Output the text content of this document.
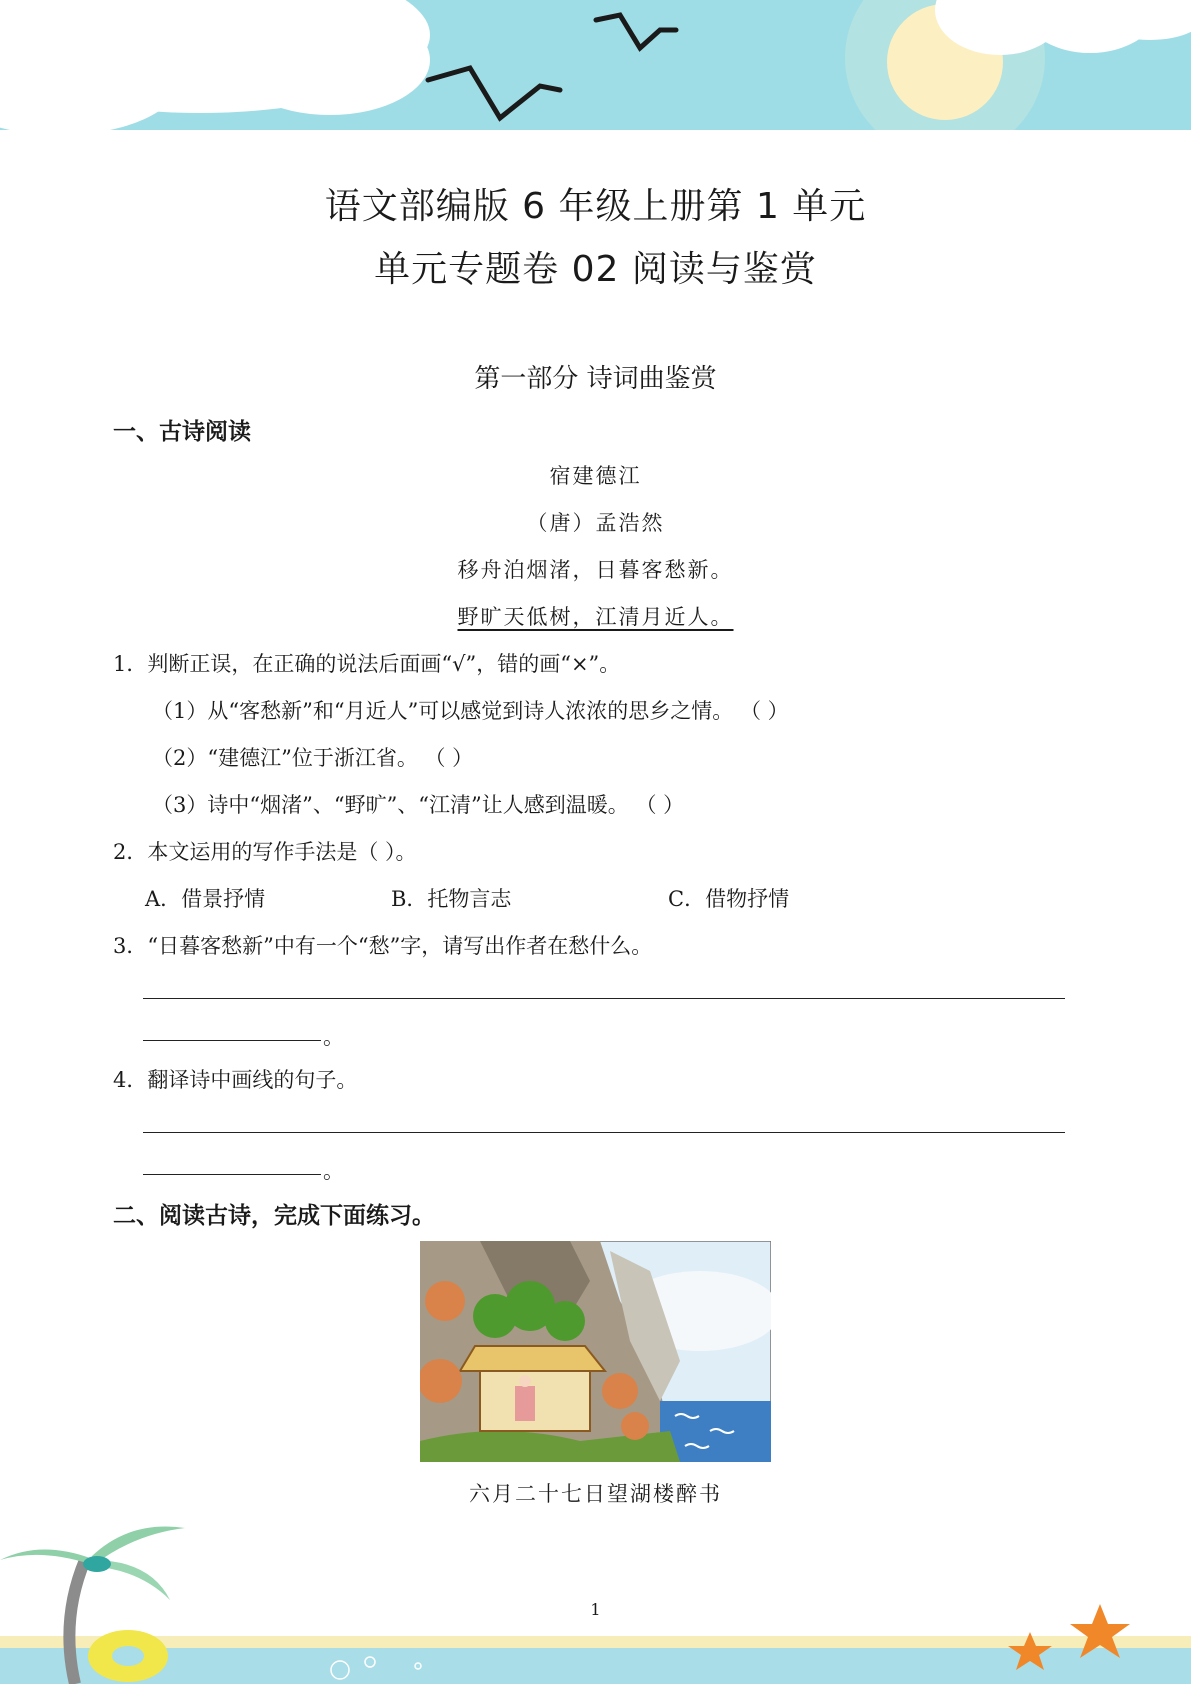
语文部编版 6 年级上册第 1 单元
单元专题卷 02 阅读与鉴赏
第一部分 诗词曲鉴赏
一、古诗阅读
宿建德江
（唐）孟浩然
移舟泊烟渚，日暮客愁新。
野旷天低树，江清月近人。
1．判断正误，在正确的说法后面画“√”，错的画“×”。
（1）从“客愁新”和“月近人”可以感觉到诗人浓浓的思乡之情。 （ ）
（2）“建德江”位于浙江省。 （ ）
（3）诗中“烟渚”、“野旷”、“江清”让人感到温暖。 （ ）
2．本文运用的写作手法是（ ）。
A．借景抒情	B．托物言志	C．借物抒情
3．“日暮客愁新”中有一个“愁”字，请写出作者在愁什么。
。
4．翻译诗中画线的句子。
。
二、阅读古诗，完成下面练习。
六月二十七日望湖楼醉书
1
